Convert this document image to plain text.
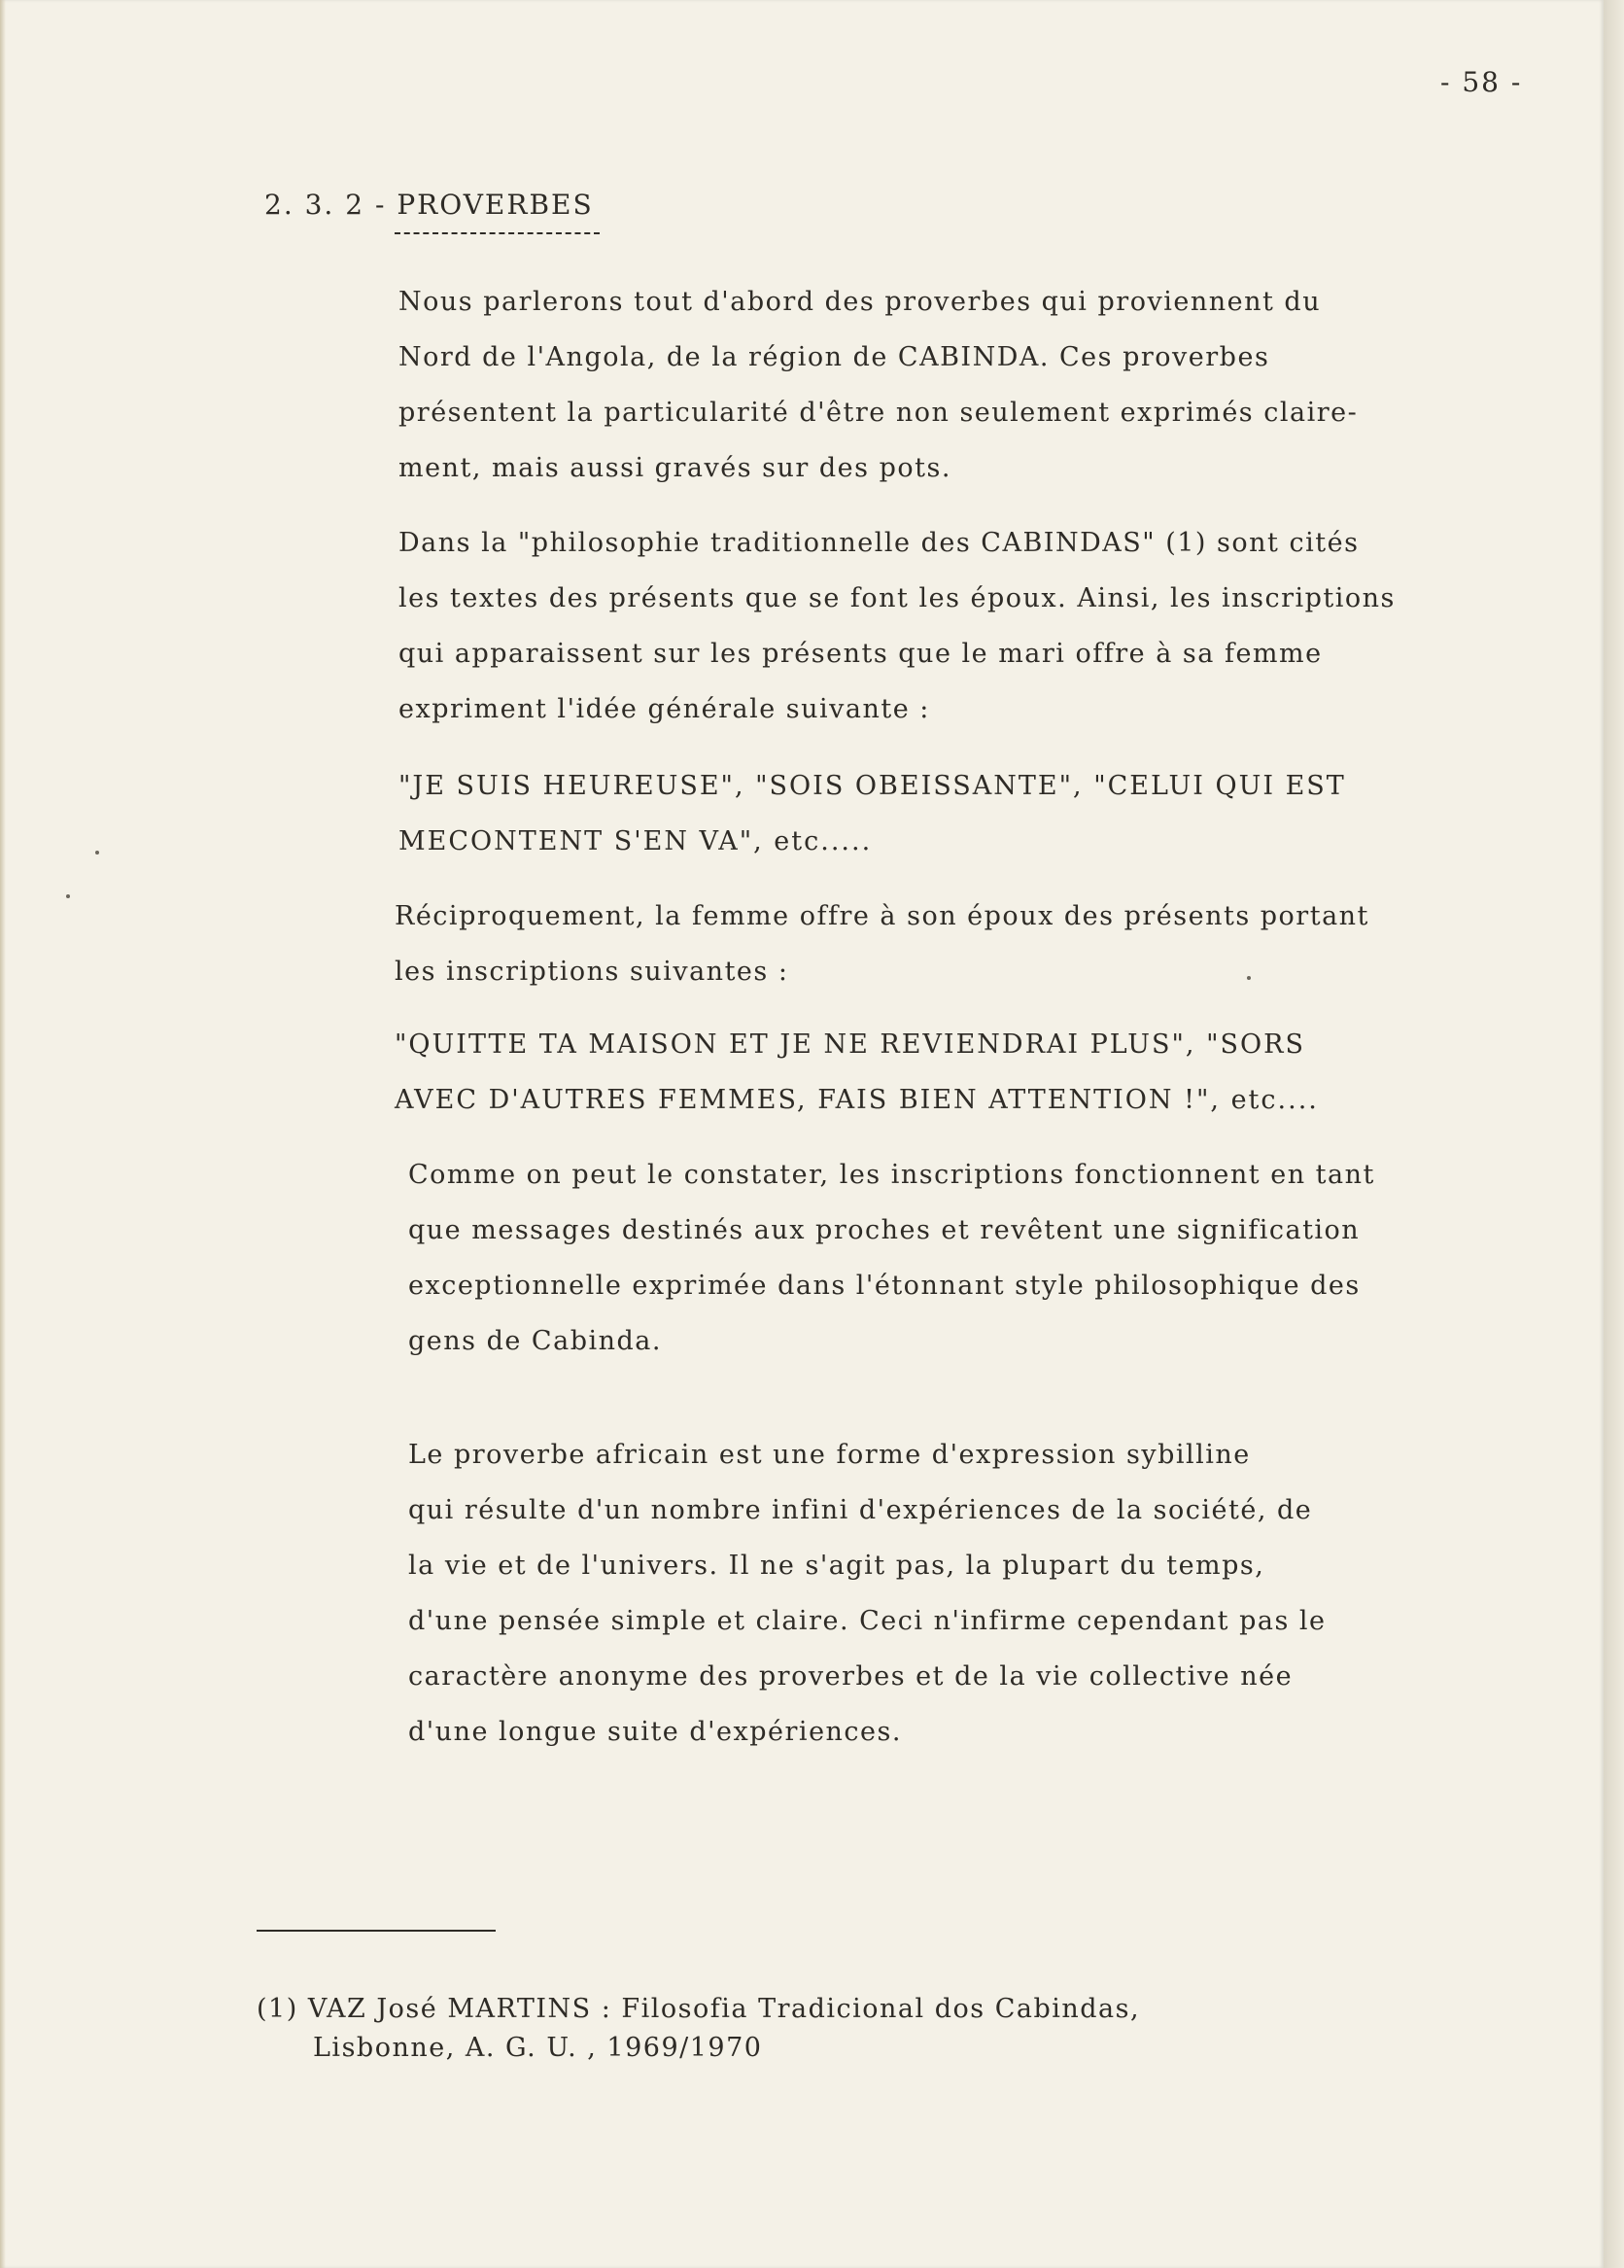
- 58 -
2. 3. 2 - PROVERBES

Nous parlerons tout d'abord des proverbes qui proviennent du
Nord de l'Angola, de la région de CABINDA. Ces proverbes
présentent la particularité d'être non seulement exprimés claire-
ment, mais aussi gravés sur des pots.

Dans la "philosophie traditionnelle des CABINDAS" (1) sont cités
les textes des présents que se font les époux. Ainsi, les inscriptions
qui apparaissent sur les présents que le mari offre à sa femme
expriment l'idée générale suivante :

"JE SUIS HEUREUSE", "SOIS OBEISSANTE", "CELUI QUI EST
MECONTENT S'EN VA", etc.....

Réciproquement, la femme offre à son époux des présents portant
les inscriptions suivantes :

"QUITTE TA MAISON ET JE NE REVIENDRAI PLUS", "SORS
AVEC D'AUTRES FEMMES, FAIS BIEN ATTENTION !", etc....

Comme on peut le constater, les inscriptions fonctionnent en tant
que messages destinés aux proches et revêtent une signification
exceptionnelle exprimée dans l'étonnant style philosophique des
gens de Cabinda.

Le proverbe africain est une forme d'expression sybilline
qui résulte d'un nombre infini d'expériences de la société, de
la vie et de l'univers. Il ne s'agit pas, la plupart du temps,
d'une pensée simple et claire. Ceci n'infirme cependant pas le
caractère anonyme des proverbes et de la vie collective née
d'une longue suite d'expériences.

(1) VAZ José MARTINS : Filosofia Tradicional dos Cabindas,
Lisbonne, A. G. U. , 1969/1970
